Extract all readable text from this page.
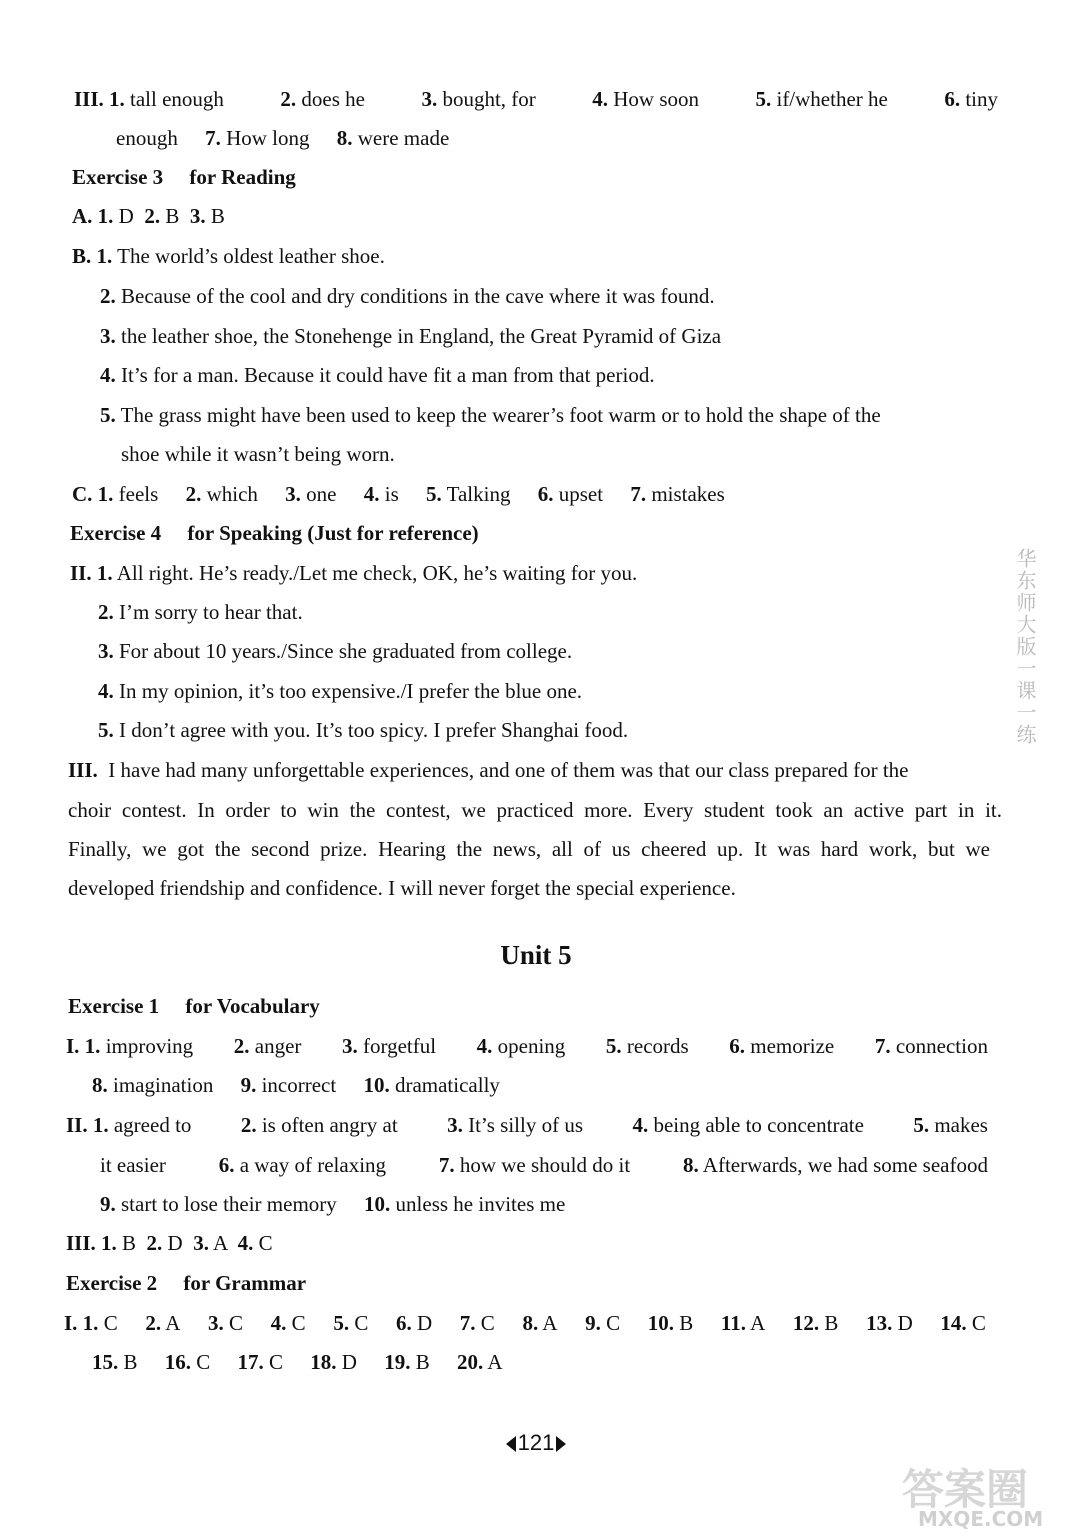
III. 1. tall enough	2. does he	3. bought, for	4. How soon	5. if/whether he	6. tiny
enough 7. How long 8. were made
Exercise 3  for Reading
A. 1. D  2. B  3. B
B. 1. The world’s oldest leather shoe.
2. Because of the cool and dry conditions in the cave where it was found.
3. the leather shoe, the Stonehenge in England, the Great Pyramid of Giza
4. It’s for a man. Because it could have fit a man from that period.
5. The grass might have been used to keep the wearer’s foot warm or to hold the shape of the
shoe while it wasn’t being worn.
C. 1. feels 2. which 3. one 4. is 5. Talking 6. upset 7. mistakes
Exercise 4  for Speaking (Just for reference)
II. 1. All right. He’s ready./Let me check, OK, he’s waiting for you.
2. I’m sorry to hear that.
3. For about 10 years./Since she graduated from college.
4. In my opinion, it’s too expensive./I prefer the blue one.
5. I don’t agree with you. It’s too spicy. I prefer Shanghai food.
III. I have had many unforgettable experiences, and one of them was that our class prepared for the
choir contest. In order to win the contest, we practiced more. Every student took an active part in it.
Finally, we got the second prize. Hearing the news, all of us cheered up. It was hard work, but we
developed friendship and confidence. I will never forget the special experience.
Unit 5
Exercise 1  for Vocabulary
I. 1. improving 2. anger 3. forgetful 4. opening 5. records 6. memorize 7. connection
8. imagination 9. incorrect 10. dramatically
II. 1. agreed to 2. is often angry at 3. It’s silly of us 4. being able to concentrate 5. makes
it easier	6. a way of relaxing	7. how we should do it	8. Afterwards, we had some seafood
9. start to lose their memory 10. unless he invites me
III. 1. B  2. D  3. A  4. C
Exercise 2  for Grammar
I. 1. C 2. A 3. C 4. C 5. C 6. D 7. C 8. A 9. C 10. B 11. A 12. B 13. D 14. C
15. B 16. C 17. C 18. D 19. B 20. A
华东师大版一课一练
121
答案圈
MXQE.COM
